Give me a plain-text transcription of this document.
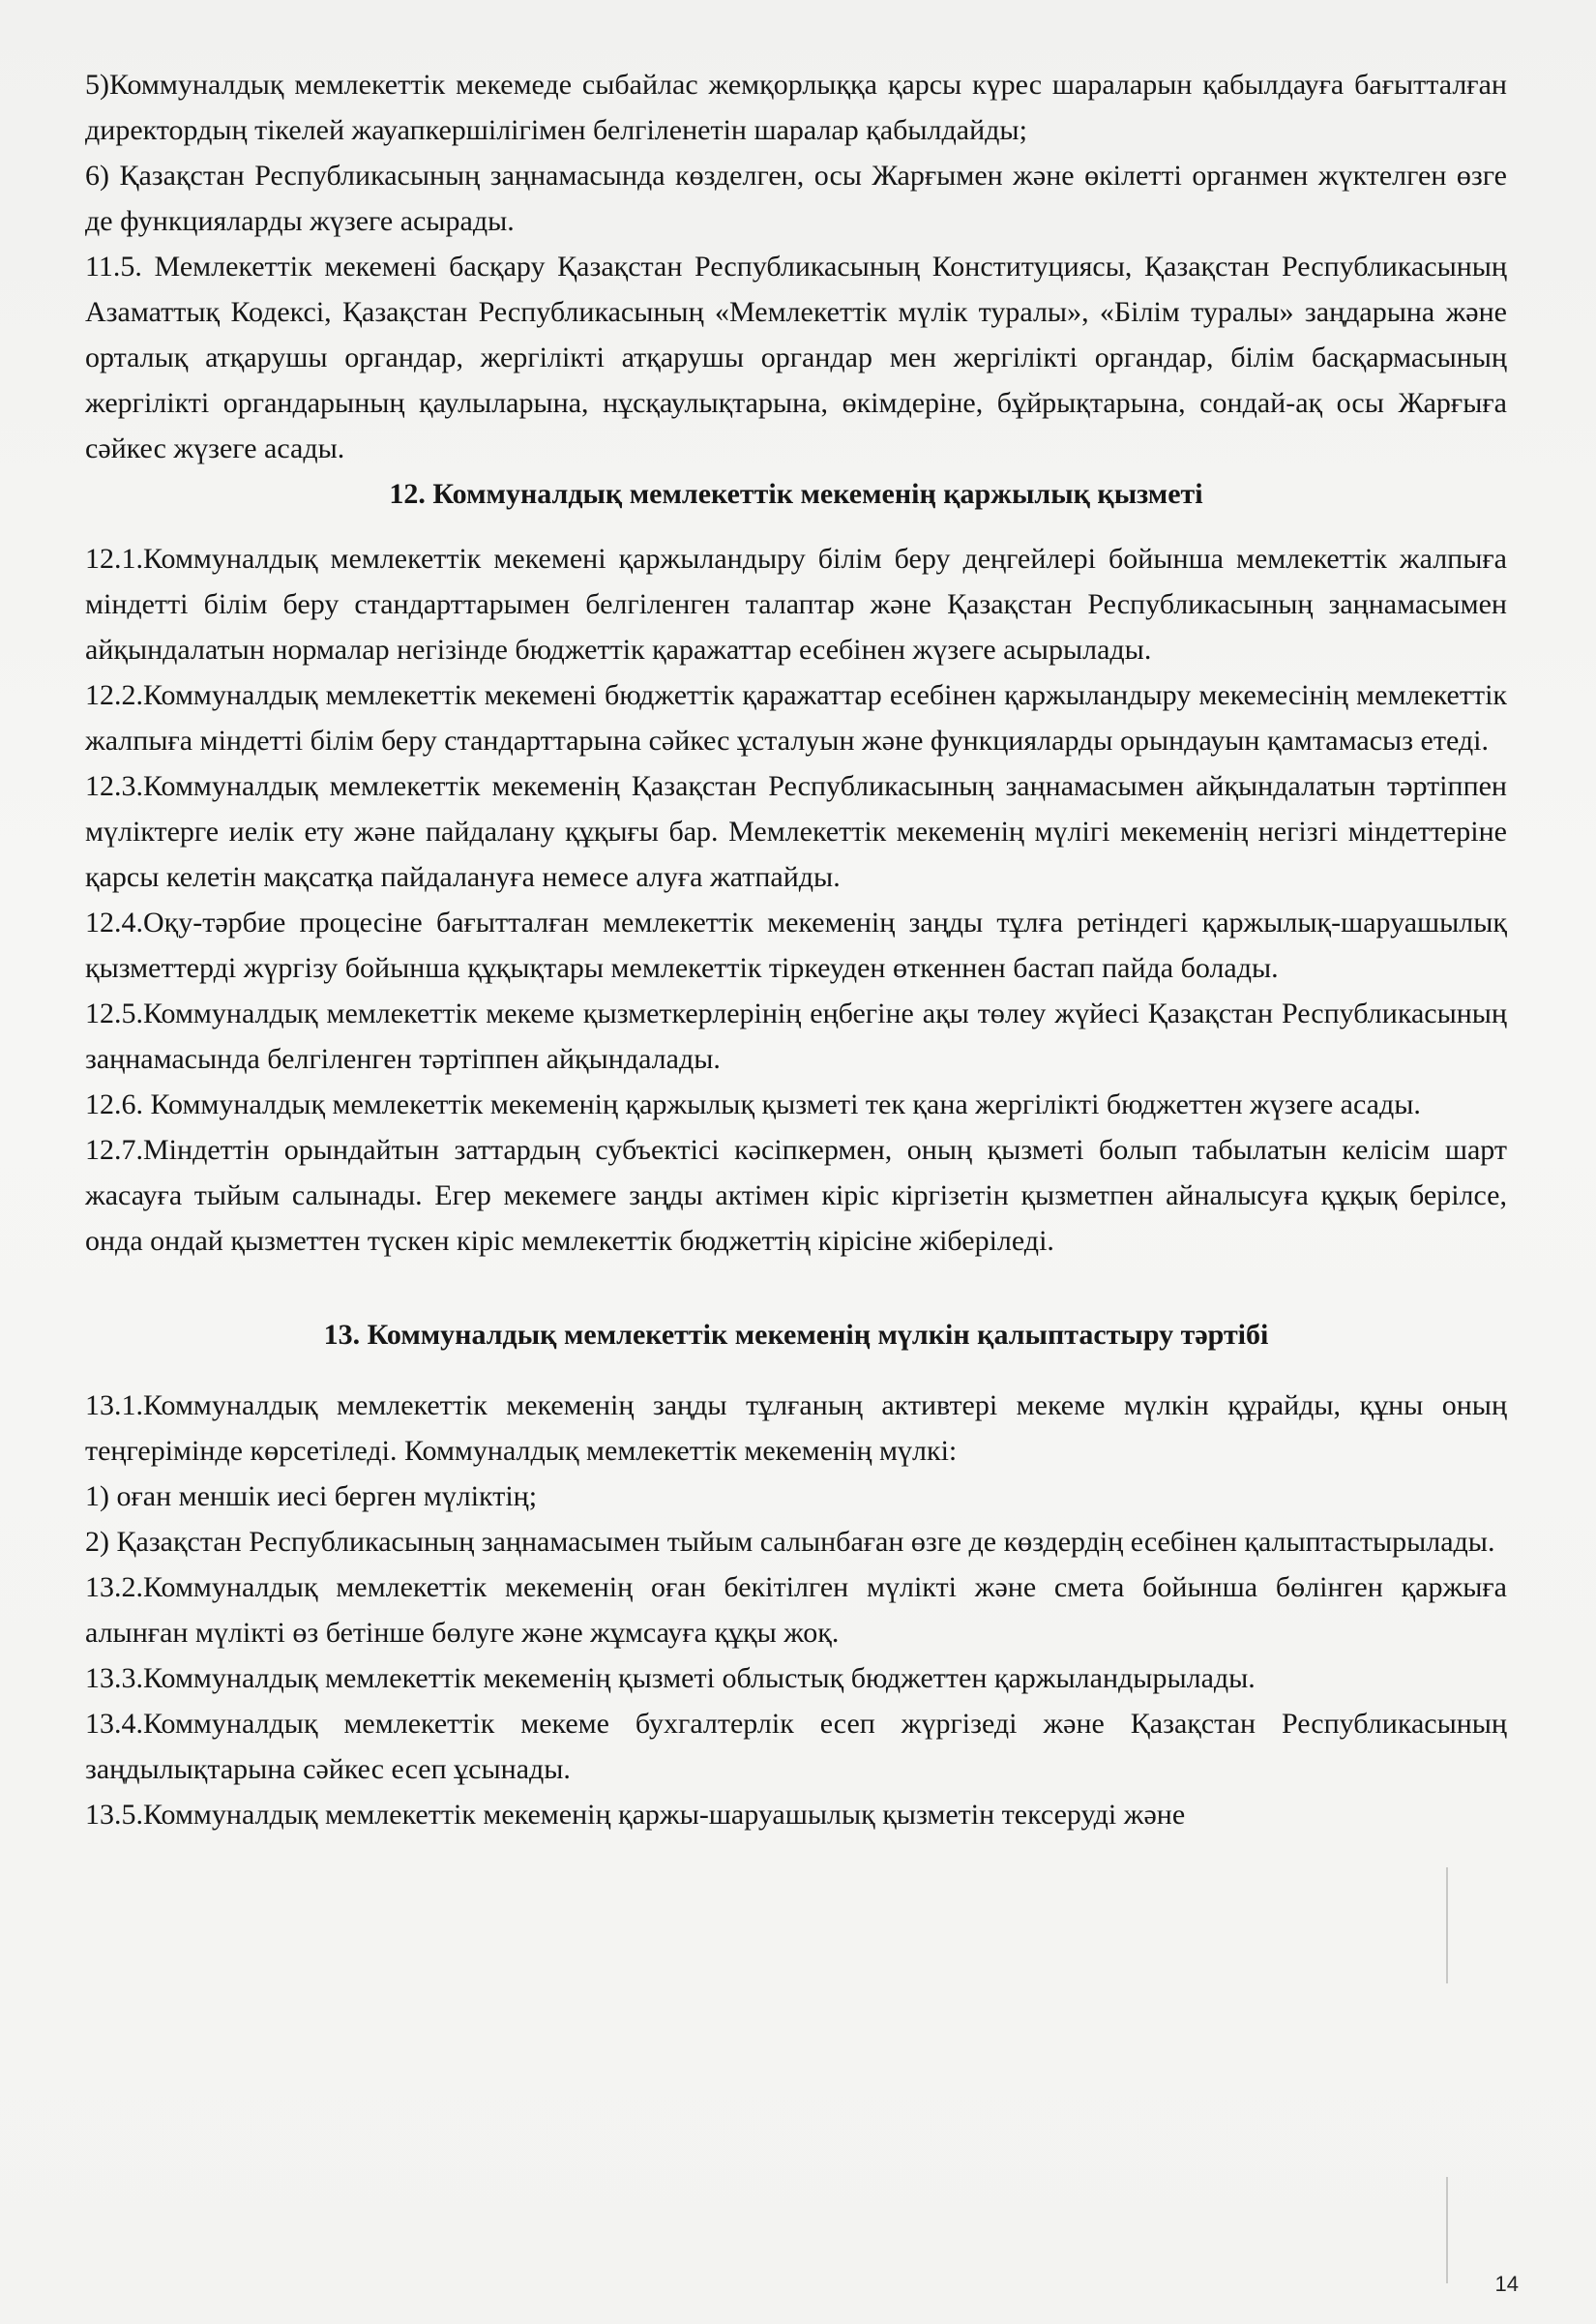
5)Коммуналдық мемлекеттік мекемеде сыбайлас жемқорлыққа қарсы күрес шараларын қабылдауға бағытталған директордың тікелей жауапкершілігімен белгіленетін шаралар қабылдайды;

6) Қазақстан Республикасының заңнамасында көзделген, осы Жарғымен және өкілетті органмен жүктелген өзге де функцияларды жүзеге асырады.

11.5. Мемлекеттік мекемені басқару Қазақстан Республикасының Конституциясы, Қазақстан Республикасының Азаматтық Кодексі, Қазақстан Республикасының «Мемлекеттік мүлік туралы», «Білім туралы» заңдарына және орталық атқарушы органдар, жергілікті атқарушы органдар мен жергілікті органдар, білім басқармасының жергілікті органдарының қаулыларына, нұсқаулықтарына, өкімдеріне, бұйрықтарына, сондай-ақ осы Жарғыға сәйкес жүзеге асады.

12. Коммуналдық мемлекеттік мекеменің қаржылық қызметі

12.1.Коммуналдық мемлекеттік мекемені қаржыландыру білім беру деңгейлері бойынша мемлекеттік жалпыға міндетті білім беру стандарттарымен белгіленген талаптар және Қазақстан Республикасының заңнамасымен айқындалатын нормалар негізінде бюджеттік қаражаттар есебінен жүзеге асырылады.

12.2.Коммуналдық мемлекеттік мекемені бюджеттік қаражаттар есебінен қаржыландыру мекемесінің мемлекеттік жалпыға міндетті білім беру стандарттарына сәйкес ұсталуын және функцияларды орындауын қамтамасыз етеді.

12.3.Коммуналдық мемлекеттік мекеменің Қазақстан Республикасының заңнамасымен айқындалатын тәртіппен мүліктерге иелік ету және пайдалану құқығы бар. Мемлекеттік мекеменің мүлігі мекеменің негізгі міндеттеріне қарсы келетін мақсатқа пайдалануға немесе алуға жатпайды.

12.4.Оқу-тәрбие процесіне бағытталған мемлекеттік мекеменің заңды тұлға ретіндегі қаржылық-шаруашылық қызметтерді жүргізу бойынша құқықтары мемлекеттік тіркеуден өткеннен бастап пайда болады.

12.5.Коммуналдық мемлекеттік мекеме қызметкерлерінің еңбегіне ақы төлеу жүйесі Қазақстан Республикасының заңнамасында белгіленген тәртіппен айқындалады.

12.6. Коммуналдық мемлекеттік мекеменің қаржылық қызметі тек қана жергілікті бюджеттен жүзеге асады.

12.7.Міндеттін орындайтын заттардың субъектісі кәсіпкермен, оның қызметі болып табылатын келісім шарт жасауға тыйым салынады. Егер мекемеге заңды актімен кіріс кіргізетін қызметпен айналысуға құқық берілсе, онда ондай қызметтен түскен кіріс мемлекеттік бюджеттің кірісіне жіберіледі.

13. Коммуналдық мемлекеттік мекеменің мүлкін қалыптастыру тәртібі

13.1.Коммуналдық мемлекеттік мекеменің заңды тұлғаның активтері мекеме мүлкін құрайды, құны оның теңгерімінде көрсетіледі. Коммуналдық мемлекеттік мекеменің мүлкі:

1) оған меншік иесі берген мүліктің;

2) Қазақстан Республикасының заңнамасымен тыйым салынбаған өзге де көздердің есебінен қалыптастырылады.

13.2.Коммуналдық мемлекеттік мекеменің оған бекітілген мүлікті және смета бойынша бөлінген қаржыға алынған мүлікті өз бетінше бөлуге және жұмсауға құқы жоқ.

13.3.Коммуналдық мемлекеттік мекеменің қызметі облыстық бюджеттен қаржыландырылады.

13.4.Коммуналдық мемлекеттік мекеме бухгалтерлік есеп жүргізеді және Қазақстан Республикасының заңдылықтарына сәйкес есеп ұсынады.

13.5.Коммуналдық мемлекеттік мекеменің қаржы-шаруашылық қызметін тексеруді және

14
